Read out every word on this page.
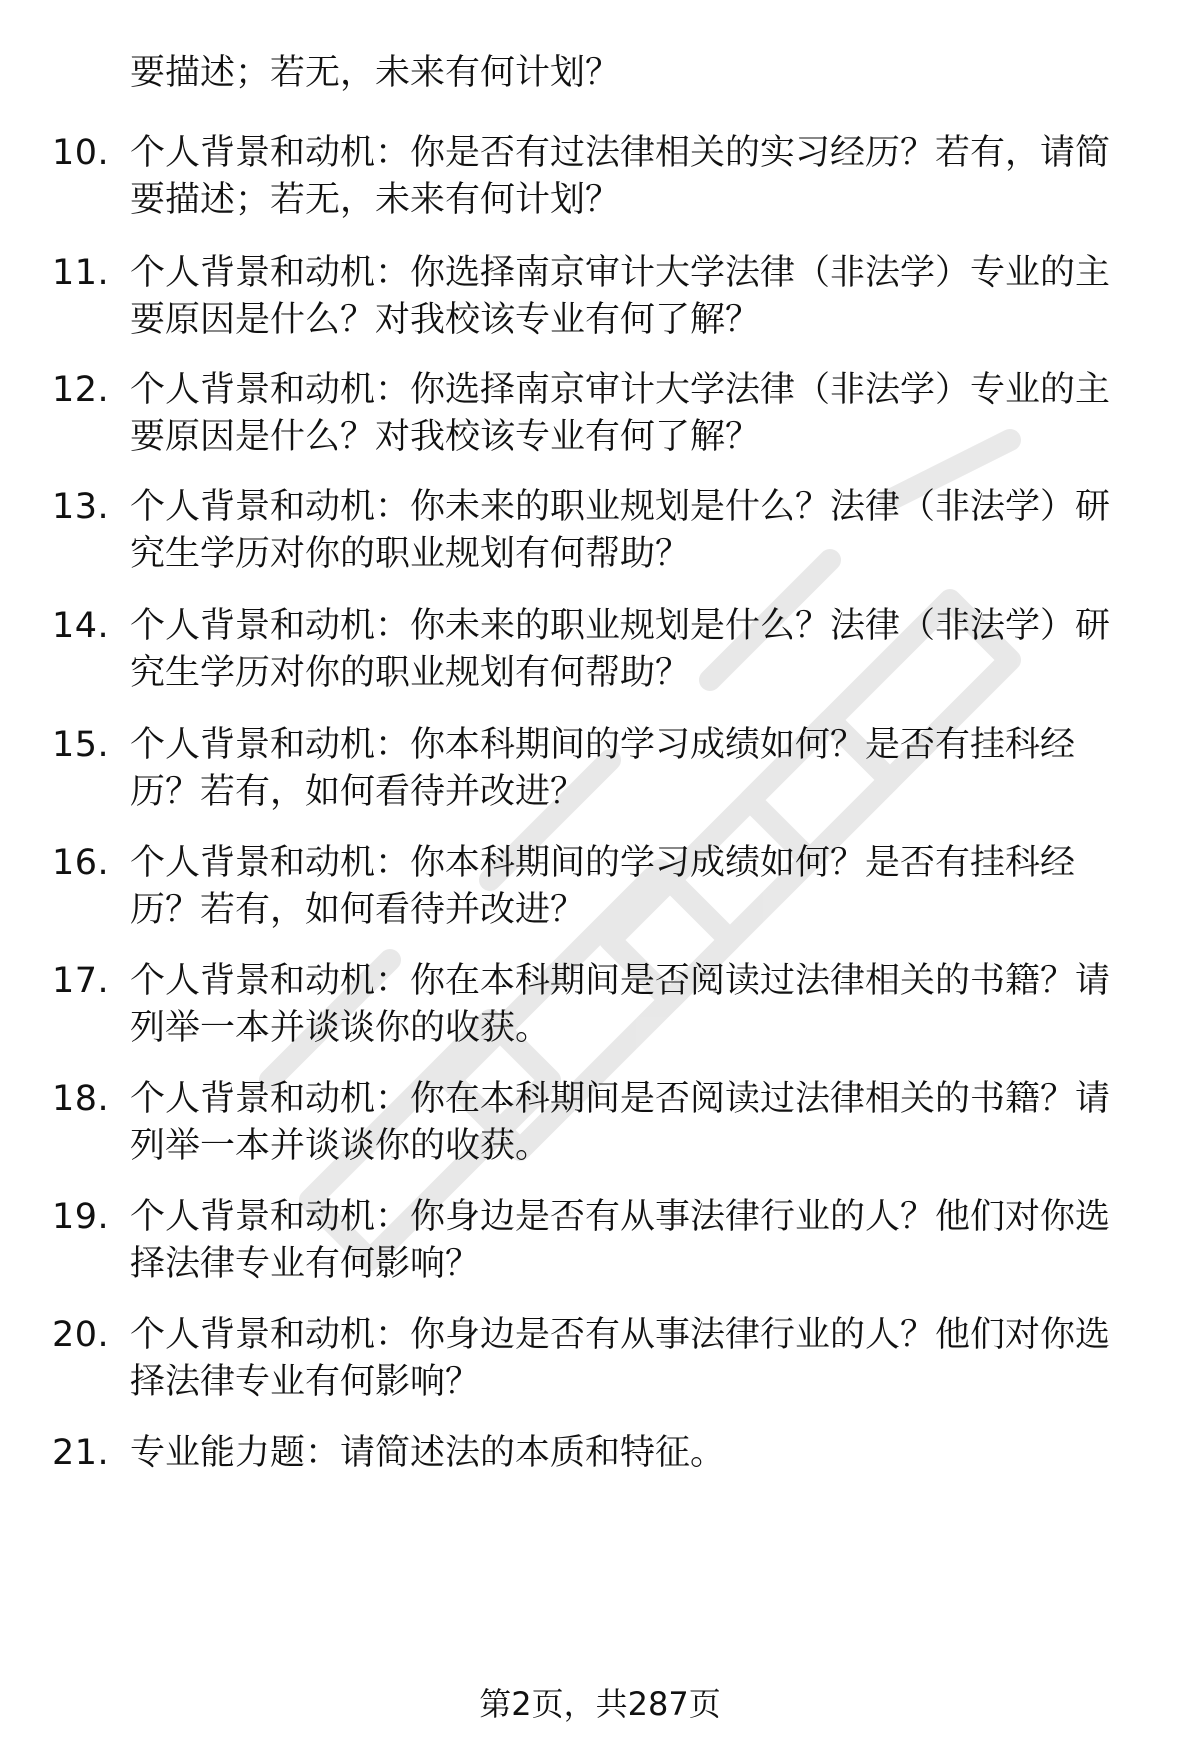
要描述；若无，未来有何计划？
10. 个人背景和动机：你是否有过法律相关的实习经历？若有，请简
要描述；若无，未来有何计划？
11. 个人背景和动机：你选择南京审计大学法律（非法学）专业的主
要原因是什么？对我校该专业有何了解？
12. 个人背景和动机：你选择南京审计大学法律（非法学）专业的主
要原因是什么？对我校该专业有何了解？
13. 个人背景和动机：你未来的职业规划是什么？法律（非法学）研
究生学历对你的职业规划有何帮助？
14. 个人背景和动机：你未来的职业规划是什么？法律（非法学）研
究生学历对你的职业规划有何帮助？
15. 个人背景和动机：你本科期间的学习成绩如何？是否有挂科经
历？若有，如何看待并改进？
16. 个人背景和动机：你本科期间的学习成绩如何？是否有挂科经
历？若有，如何看待并改进？
17. 个人背景和动机：你在本科期间是否阅读过法律相关的书籍？请
列举一本并谈谈你的收获。
18. 个人背景和动机：你在本科期间是否阅读过法律相关的书籍？请
列举一本并谈谈你的收获。
19. 个人背景和动机：你身边是否有从事法律行业的人？他们对你选
择法律专业有何影响？
20. 个人背景和动机：你身边是否有从事法律行业的人？他们对你选
择法律专业有何影响？
21. 专业能力题：请简述法的本质和特征。
第2页，共287页
